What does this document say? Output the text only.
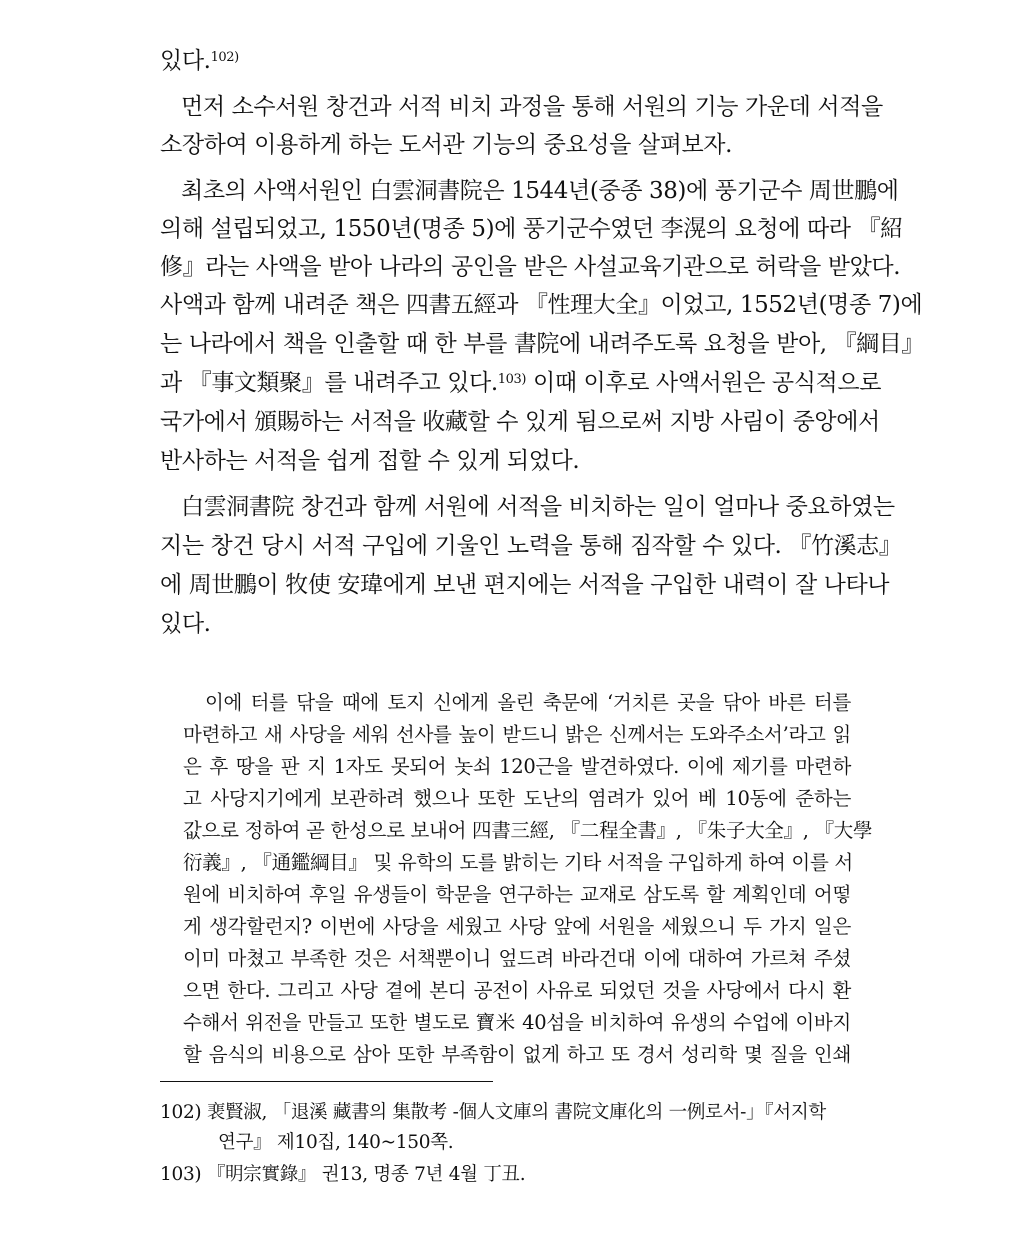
있다.$^{102)}$
먼저 소수서원 창건과 서적 비치 과정을 통해 서원의 기능 가운데 서적을
소장하여 이용하게 하는 도서관 기능의 중요성을 살펴보자.
최초의 사액서원인 白雲洞書院은 1544년(중종 38)에 풍기군수 周世鵬에
의해 설립되었고, 1550년(명종 5)에 풍기군수였던 李滉의 요청에 따라 『紹
修』라는 사액을 받아 나라의 공인을 받은 사설교육기관으로 허락을 받았다.
사액과 함께 내려준 책은 四書五經과 『性理大全』이었고, 1552년(명종 7)에
는 나라에서 책을 인출할 때 한 부를 書院에 내려주도록 요청을 받아, 『綱目』
과 『事文類聚』를 내려주고 있다.$^{103)}$ 이때 이후로 사액서원은 공식적으로
국가에서 頒賜하는 서적을 收藏할 수 있게 됨으로써 지방 사림이 중앙에서
반사하는 서적을 쉽게 접할 수 있게 되었다.
白雲洞書院 창건과 함께 서원에 서적을 비치하는 일이 얼마나 중요하였는
지는 창건 당시 서적 구입에 기울인 노력을 통해 짐작할 수 있다. 『竹溪志』
에 周世鵬이 牧使 安瑋에게 보낸 편지에는 서적을 구입한 내력이 잘 나타나
있다.
이에 터를 닦을 때에 토지 신에게 올린 축문에 ‘거치른 곳을 닦아 바른 터를
마련하고 새 사당을 세워 선사를 높이 받드니 밝은 신께서는 도와주소서’라고 읽
은 후 땅을 판 지 1자도 못되어 놋쇠 120근을 발견하였다. 이에 제기를 마련하
고 사당지기에게 보관하려 했으나 또한 도난의 염려가 있어 베 10동에 준하는
값으로 정하여 곧 한성으로 보내어 四書三經, 『二程全書』, 『朱子大全』, 『大學
衍義』, 『通鑑綱目』 및 유학의 도를 밝히는 기타 서적을 구입하게 하여 이를 서
원에 비치하여 후일 유생들이 학문을 연구하는 교재로 삼도록 할 계획인데 어떻
게 생각할런지? 이번에 사당을 세웠고 사당 앞에 서원을 세웠으니 두 가지 일은
이미 마쳤고 부족한 것은 서책뿐이니 엎드려 바라건대 이에 대하여 가르쳐 주셨
으면 한다. 그리고 사당 곁에 본디 공전이 사유로 되었던 것을 사당에서 다시 환
수해서 위전을 만들고 또한 별도로 寶米 40섬을 비치하여 유생의 수업에 이바지
할 음식의 비용으로 삼아 또한 부족함이 없게 하고 또 경서 성리학 몇 질을 인쇄
102) 裵賢淑, 「退溪 藏書의 集散考 -個人文庫의 書院文庫化의 一例로서-」『서지학
연구』 제10집, 140~150쪽.
103) 『明宗實錄』 권13, 명종 7년 4월 丁丑.
